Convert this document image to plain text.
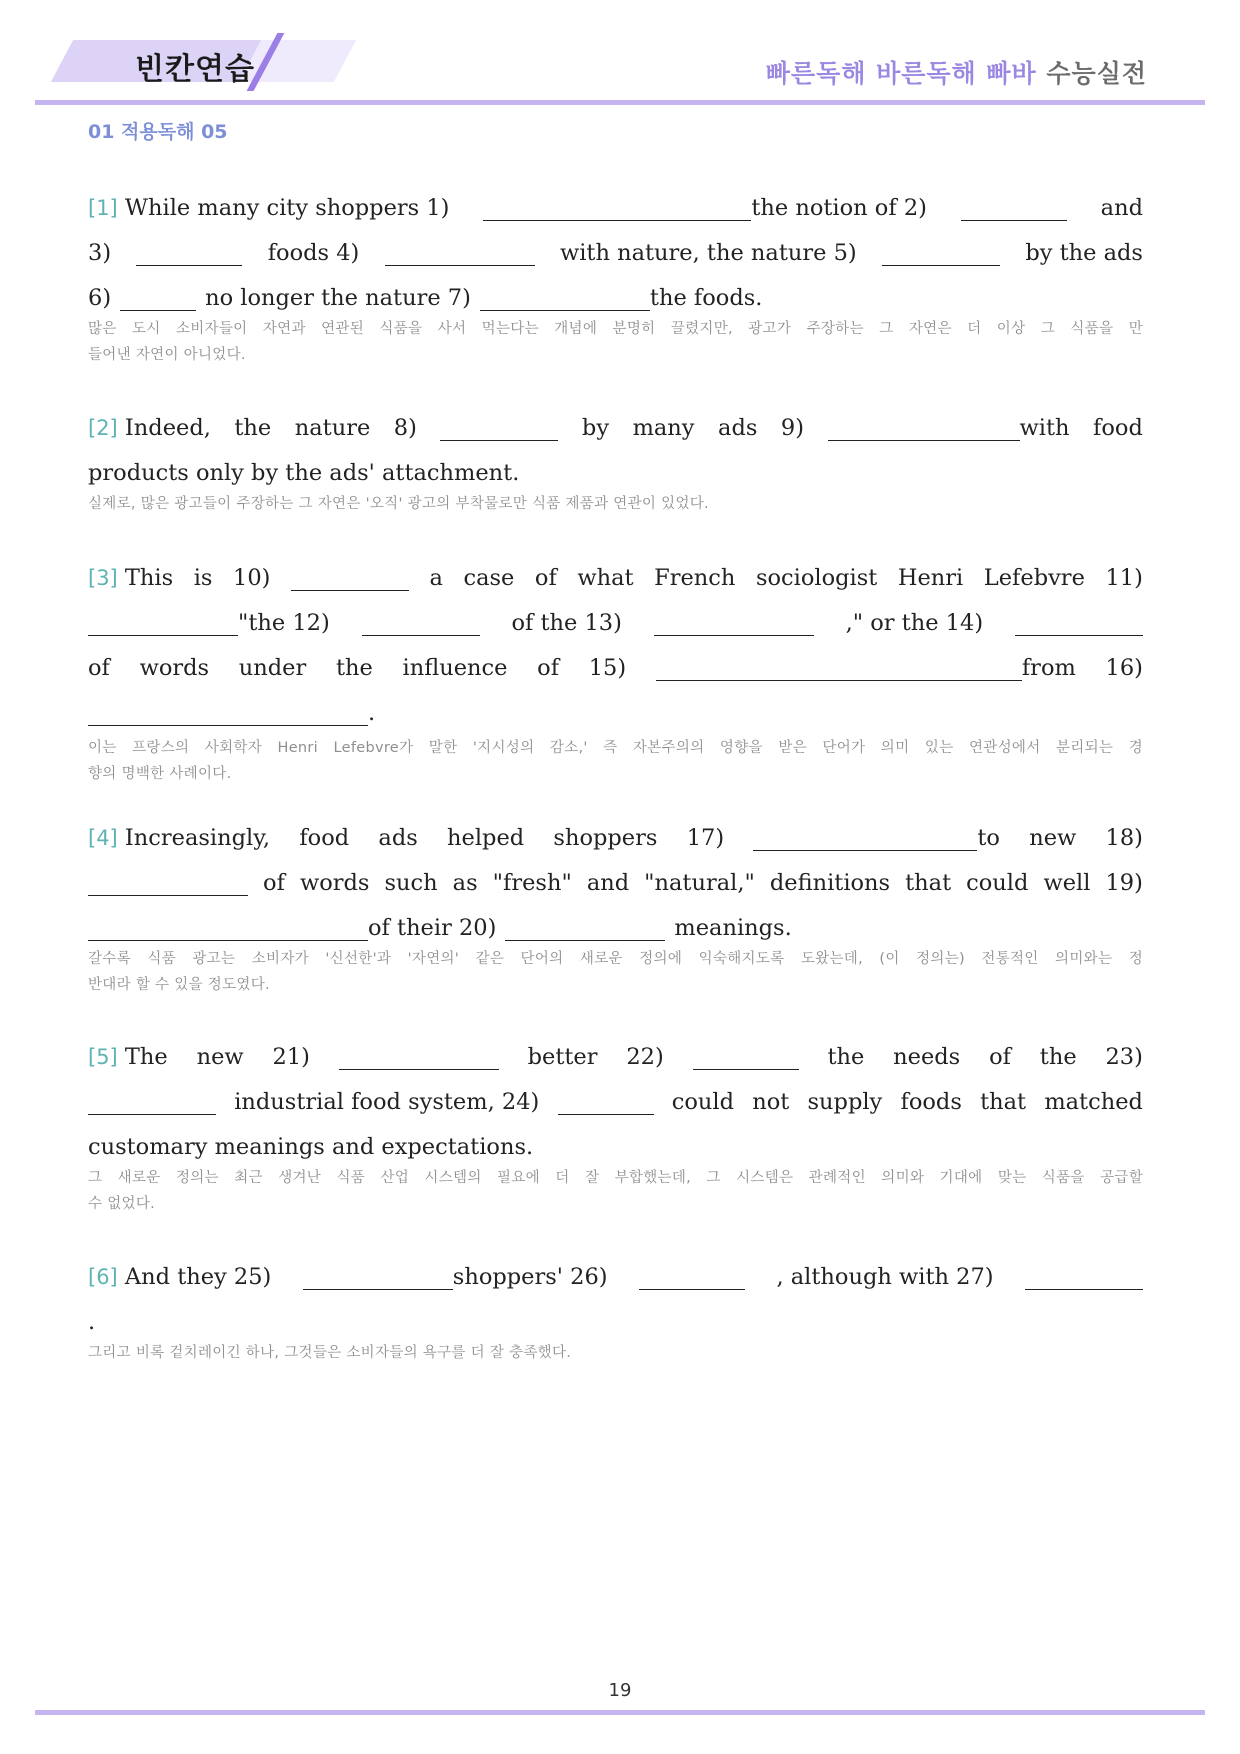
빈칸연습	빠른독해 바른독해 빠바 수능실전
01 적용독해 05
[1] While many city shoppers 1)	the notion of 2)	and
3)	foods 4)	with nature, the nature 5)	by the ads
6)	no longer the nature 7)	the foods.
많은 도시 소비자들이 자연과 연관된 식품을 사서 먹는다는 개념에 분명히 끌렸지만, 광고가 주장하는 그 자연은 더 이상 그 식품을 만
들어낸 자연이 아니었다.
[2] Indeed, the nature 8)	by many ads 9)	with food
products only by the ads' attachment.
실제로, 많은 광고들이 주장하는 그 자연은 '오직' 광고의 부착물로만 식품 제품과 연관이 있었다.
[3] This is 10)	a case of what French sociologist Henri Lefebvre 11)
"the 12)	of the 13)	," or the 14)
of words under the influence of 15)	from 16)
.
이는 프랑스의 사회학자 Henri Lefebvre가 말한 '지시성의 감소,' 즉 자본주의의 영향을 받은 단어가 의미 있는 연관성에서 분리되는 경
향의 명백한 사례이다.
[4] Increasingly, food ads helped shoppers 17)	to new 18)
of words such as "fresh" and "natural," definitions that could well 19)
of their 20)	meanings.
갈수록 식품 광고는 소비자가 '신선한'과 '자연의' 같은 단어의 새로운 정의에 익숙해지도록 도왔는데, (이 정의는) 전통적인 의미와는 정
반대라 할 수 있을 정도였다.
[5] The new 21)	better 22)	the needs of the 23)
industrial food system, 24)	could not supply foods that matched
customary meanings and expectations.
그 새로운 정의는 최근 생겨난 식품 산업 시스템의 필요에 더 잘 부합했는데, 그 시스템은 관례적인 의미와 기대에 맞는 식품을 공급할
수 없었다.
[6] And they 25)	shoppers' 26)	, although with 27)
.
그리고 비록 겉치레이긴 하나, 그것들은 소비자들의 욕구를 더 잘 충족했다.
19
